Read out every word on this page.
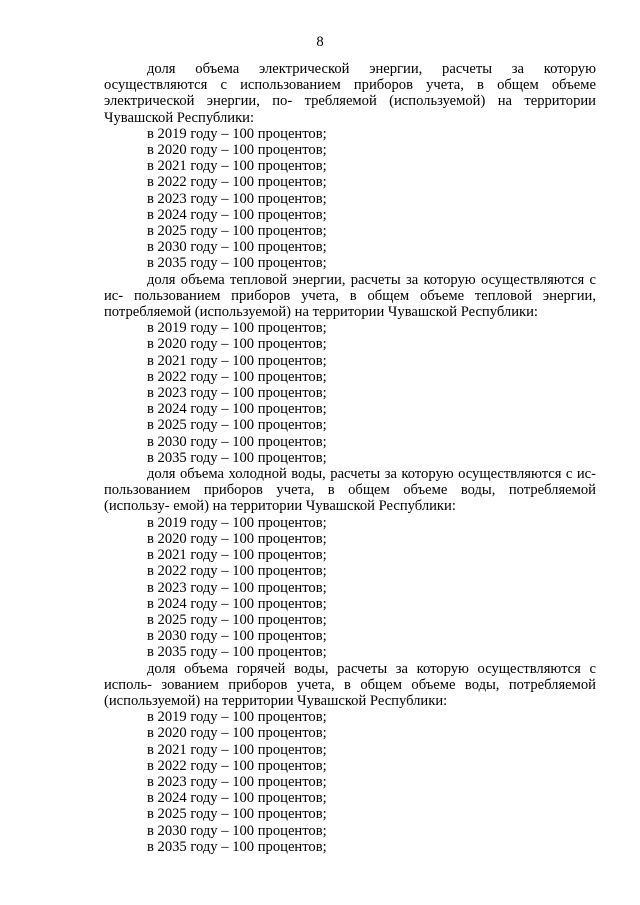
8
доля объема электрической энергии, расчеты за которую осуществляются с использованием приборов учета, в общем объеме электрической энергии, по- требляемой (используемой) на территории Чувашской Республики:
в 2019 году – 100 процентов;
в 2020 году – 100 процентов;
в 2021 году – 100 процентов;
в 2022 году – 100 процентов;
в 2023 году – 100 процентов;
в 2024 году – 100 процентов;
в 2025 году – 100 процентов;
в 2030 году – 100 процентов;
в 2035 году – 100 процентов;
доля объема тепловой энергии, расчеты за которую осуществляются с ис- пользованием приборов учета, в общем объеме тепловой энергии, потребляемой (используемой) на территории Чувашской Республики:
в 2019 году – 100 процентов;
в 2020 году – 100 процентов;
в 2021 году – 100 процентов;
в 2022 году – 100 процентов;
в 2023 году – 100 процентов;
в 2024 году – 100 процентов;
в 2025 году – 100 процентов;
в 2030 году – 100 процентов;
в 2035 году – 100 процентов;
доля объема холодной воды, расчеты за которую осуществляются с ис- пользованием приборов учета, в общем объеме воды, потребляемой (использу- емой) на территории Чувашской Республики:
в 2019 году – 100 процентов;
в 2020 году – 100 процентов;
в 2021 году – 100 процентов;
в 2022 году – 100 процентов;
в 2023 году – 100 процентов;
в 2024 году – 100 процентов;
в 2025 году – 100 процентов;
в 2030 году – 100 процентов;
в 2035 году – 100 процентов;
доля объема горячей воды, расчеты за которую осуществляются с исполь- зованием приборов учета, в общем объеме воды, потребляемой (используемой) на территории Чувашской Республики:
в 2019 году – 100 процентов;
в 2020 году – 100 процентов;
в 2021 году – 100 процентов;
в 2022 году – 100 процентов;
в 2023 году – 100 процентов;
в 2024 году – 100 процентов;
в 2025 году – 100 процентов;
в 2030 году – 100 процентов;
в 2035 году – 100 процентов;
